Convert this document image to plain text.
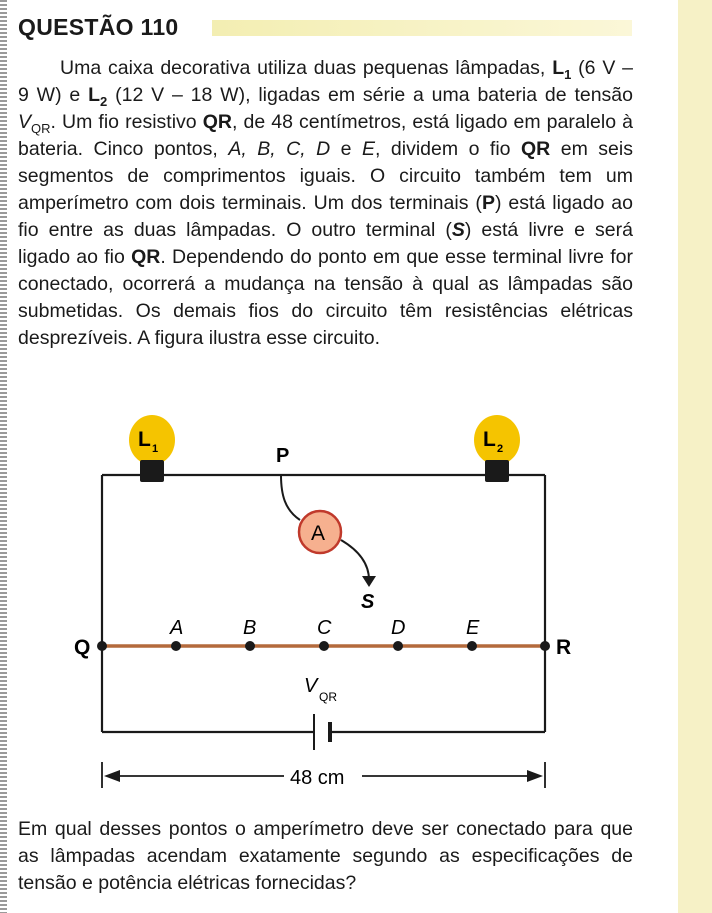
QUESTÃO 110

Uma caixa decorativa utiliza duas pequenas lâmpadas, $L_1$ (6 V – 9 W) e $L_2$ (12 V – 18 W), ligadas em série a uma bateria de tensão $V_{QR}$. Um fio resistivo QR, de 48 centímetros, está ligado em paralelo à bateria. Cinco pontos, A, B, C, D e E, dividem o fio QR em seis segmentos de comprimentos iguais. O circuito também tem um amperímetro com dois terminais. Um dos terminais (P) está ligado ao fio entre as duas lâmpadas. O outro terminal (S) está livre e será ligado ao fio QR. Dependendo do ponto em que esse terminal livre for conectado, ocorrerá a mudança na tensão à qual as lâmpadas são submetidas. Os demais fios do circuito têm resistências elétricas desprezíveis. A figura ilustra esse circuito.

V QR
Q	R
A	B	C	D	E
L 1	L 2
P
A
S
48 cm

Em qual desses pontos o amperímetro deve ser conectado para que as lâmpadas acendam exatamente segundo as especificações de tensão e potência elétricas fornecidas?
